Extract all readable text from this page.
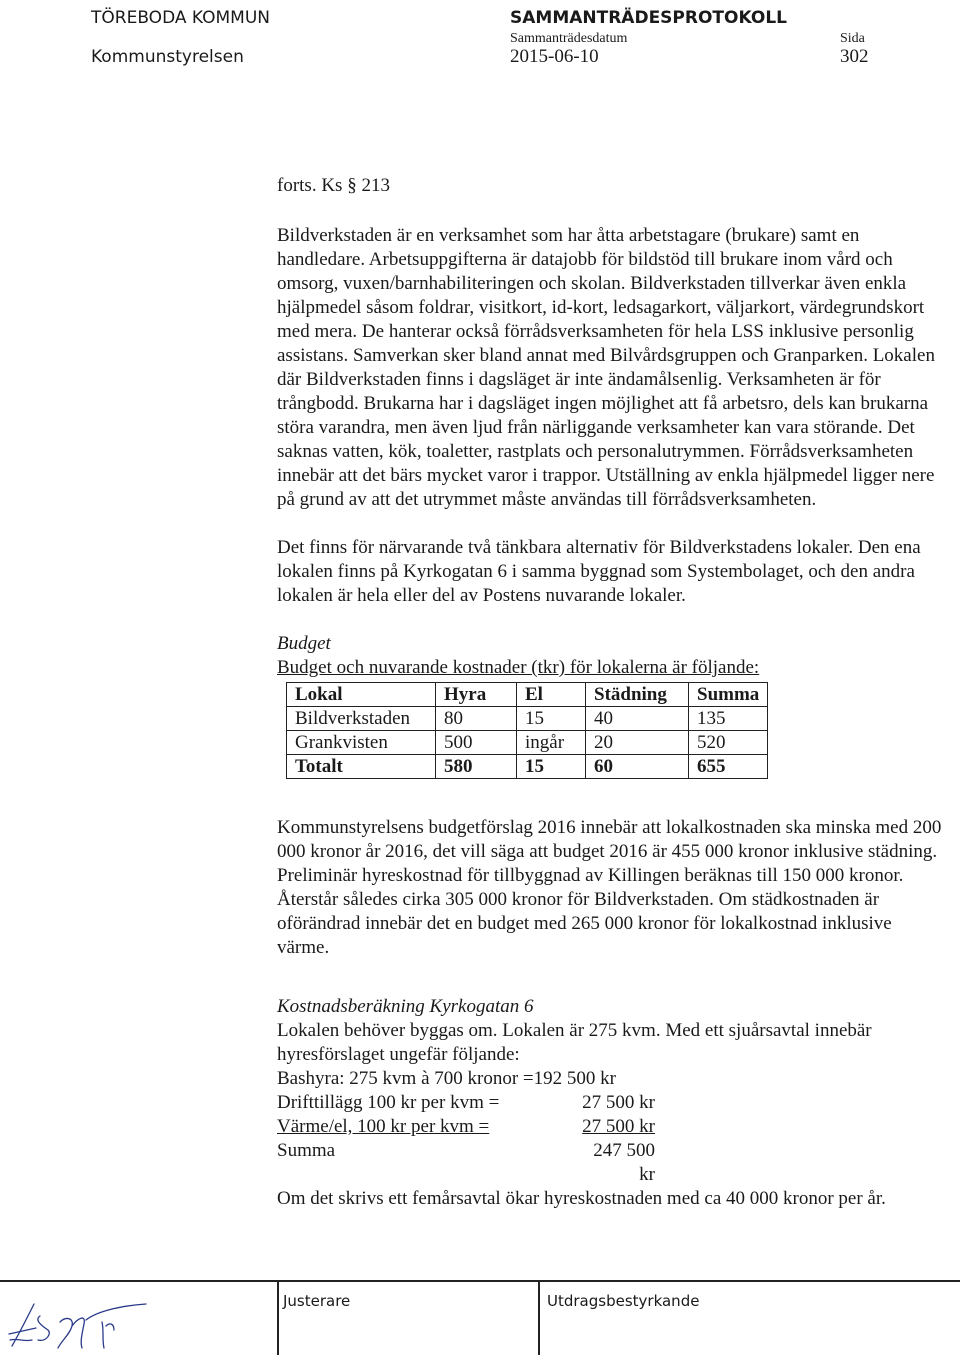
TÖREBODA KOMMUN
Kommunstyrelsen
SAMMANTRÄDESPROTOKOLL
Sammanträdesdatum
2015-06-10
Sida
302

forts. Ks § 213

Bildverkstaden är en verksamhet som har åtta arbetstagare (brukare) samt en handledare. Arbetsuppgifterna är datajobb för bildstöd till brukare inom vård och omsorg, vuxen/barnhabiliteringen och skolan. Bildverkstaden tillverkar även enkla hjälpmedel såsom foldrar, visitkort, id-kort, ledsagarkort, väljarkort, värdegrundskort med mera. De hanterar också förrådsverksamheten för hela LSS inklusive personlig assistans. Samverkan sker bland annat med Bilvårdsgruppen och Granparken. Lokalen där Bildverkstaden finns i dagsläget är inte ändamålsenlig. Verksamheten är för trångbodd. Brukarna har i dagsläget ingen möjlighet att få arbetsro, dels kan brukarna störa varandra, men även ljud från närliggande verksamheter kan vara störande. Det saknas vatten, kök, toaletter, rastplats och personalutrymmen. Förrådsverksamheten innebär att det bärs mycket varor i trappor. Utställning av enkla hjälpmedel ligger nere på grund av att det utrymmet måste användas till förrådsverksamheten.

Det finns för närvarande två tänkbara alternativ för Bildverkstadens lokaler. Den ena lokalen finns på Kyrkogatan 6 i samma byggnad som Systembolaget, och den andra lokalen är hela eller del av Postens nuvarande lokaler.

Budget

Budget och nuvarande kostnader (tkr) för lokalerna är följande:

Lokal	Hyra	El	Städning	Summa
Bildverkstaden	80	15	40	135
Grankvisten	500	ingår	20	520
Totalt	580	15	60	655

Kommunstyrelsens budgetförslag 2016 innebär att lokalkostnaden ska minska med 200 000 kronor år 2016, det vill säga att budget 2016 är 455 000 kronor inklusive städning. Preliminär hyreskostnad för tillbyggnad av Killingen beräknas till 150 000 kronor. Återstår således cirka 305 000 kronor för Bildverkstaden. Om städkostnaden är oförändrad innebär det en budget med 265 000 kronor för lokalkostnad inklusive värme.

Kostnadsberäkning Kyrkogatan 6

Lokalen behöver byggas om. Lokalen är 275 kvm. Med ett sjuårsavtal innebär hyresförslaget ungefär följande:

Bashyra: 275 kvm à 700 kronor =192 500 kr
Drifttillägg 100 kr per kvm =	27 500 kr
Värme/el, 100 kr per kvm =	27 500 kr
Summa	247 500 kr

Om det skrivs ett femårsavtal ökar hyreskostnaden med ca 40 000 kronor per år.

Justerare	Utdragsbestyrkande
